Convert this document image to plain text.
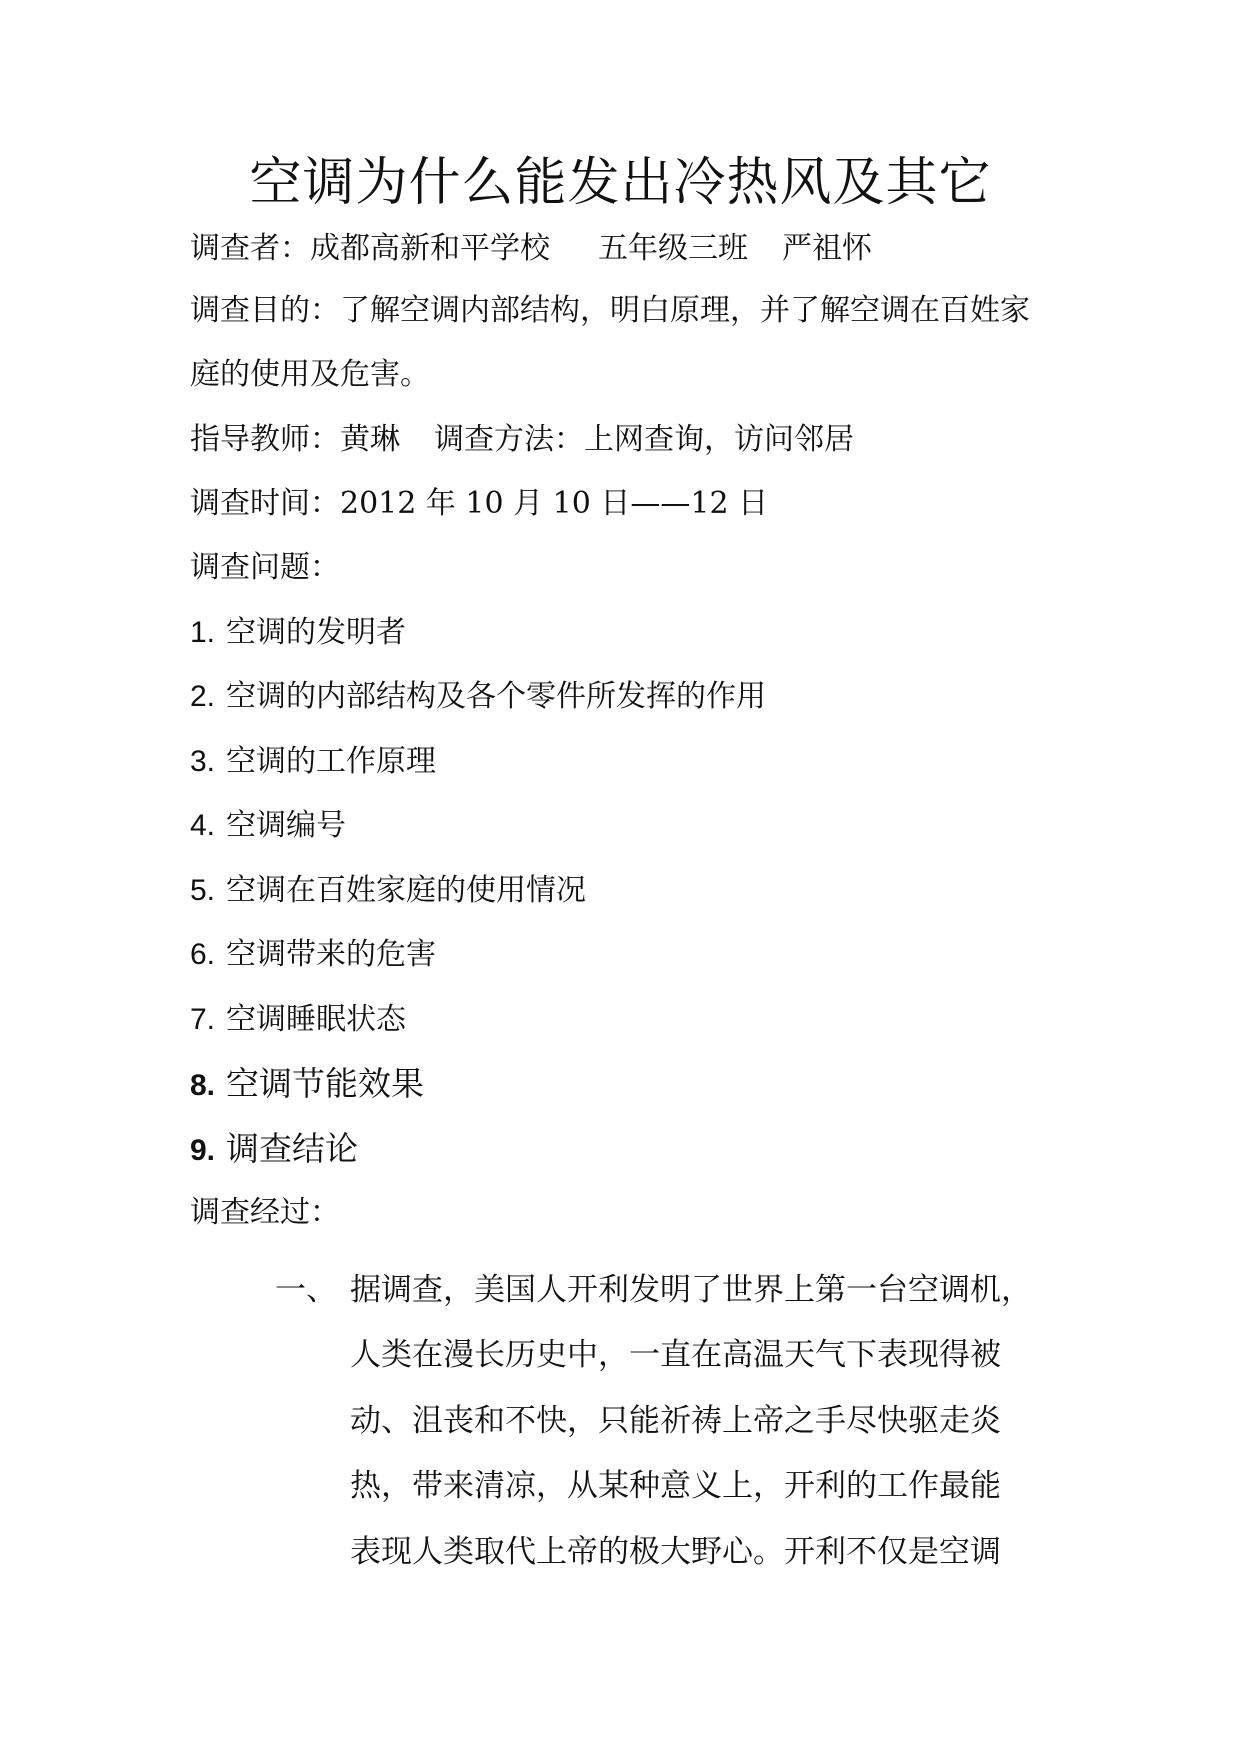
空调为什么能发出冷热风及其它
调查者：成都高新和平学校 五年级三班 严祖怀
调查目的：了解空调内部结构，明白原理，并了解空调在百姓家
庭的使用及危害。
指导教师：黄琳 调查方法：上网查询，访问邻居
调查时间：2012 年 10 月 10 日——12 日
调查问题：
1. 空调的发明者
2. 空调的内部结构及各个零件所发挥的作用
3. 空调的工作原理
4. 空调编号
5. 空调在百姓家庭的使用情况
6. 空调带来的危害
7. 空调睡眠状态
8. 空调节能效果
9. 调查结论
调查经过：
一、 据调查，美国人开利发明了世界上第一台空调机，
人类在漫长历史中，一直在高温天气下表现得被
动、沮丧和不快，只能祈祷上帝之手尽快驱走炎
热，带来清凉，从某种意义上，开利的工作最能
表现人类取代上帝的极大野心。开利不仅是空调
